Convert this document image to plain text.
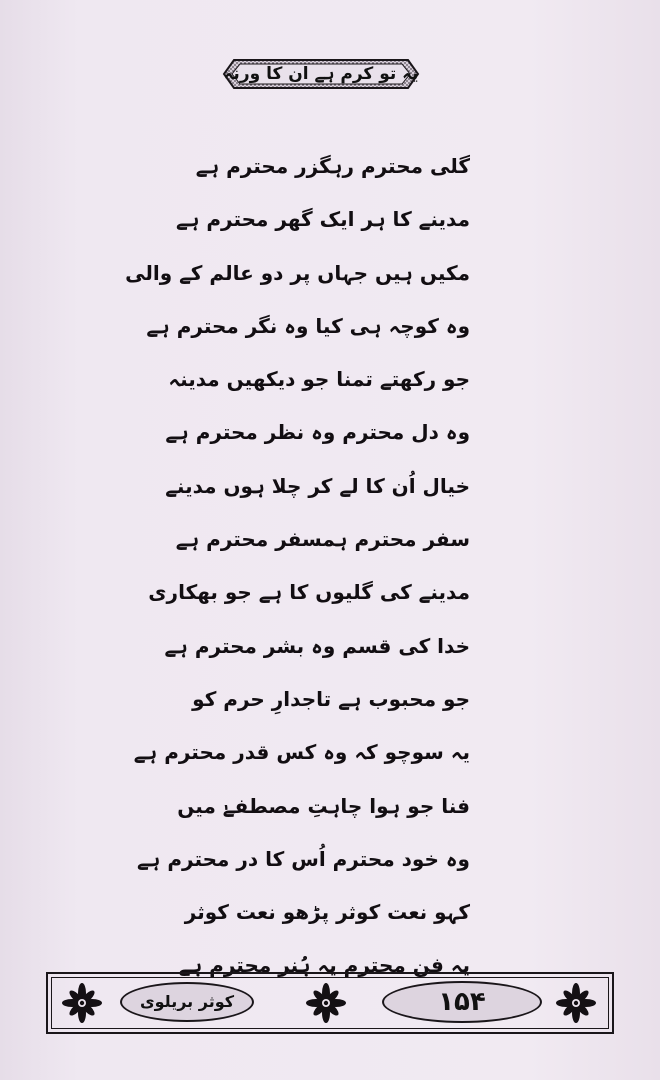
یہ تو کرم ہے ان کا ورنہ
گلی محترم رہگزر محترم ہے
مدینے کا ہر ایک گھر محترم ہے
مکیں ہیں جہاں پر دو عالم کے والی
وہ کوچہ ہی کیا وہ نگر محترم ہے
جو رکھتے تمنا جو دیکھیں مدینہ
وہ دل محترم وہ نظر محترم ہے
خیال اُن کا لے کر چلا ہوں مدینے
سفر محترم ہمسفر محترم ہے
مدینے کی گلیوں کا ہے جو بھکاری
خدا کی قسم وہ بشر محترم ہے
جو محبوب ہے تاجدارِ حرم کو
یہ سوچو کہ وہ کس قدر محترم ہے
فنا جو ہوا چاہتِ مصطفےٰ میں
وہ خود محترم اُس کا در محترم ہے
کہو نعت کوثر پڑھو نعت کوثر
یہ فن محترم یہ ہُنر محترم ہے
کوثر بریلوی	۱۵۴
